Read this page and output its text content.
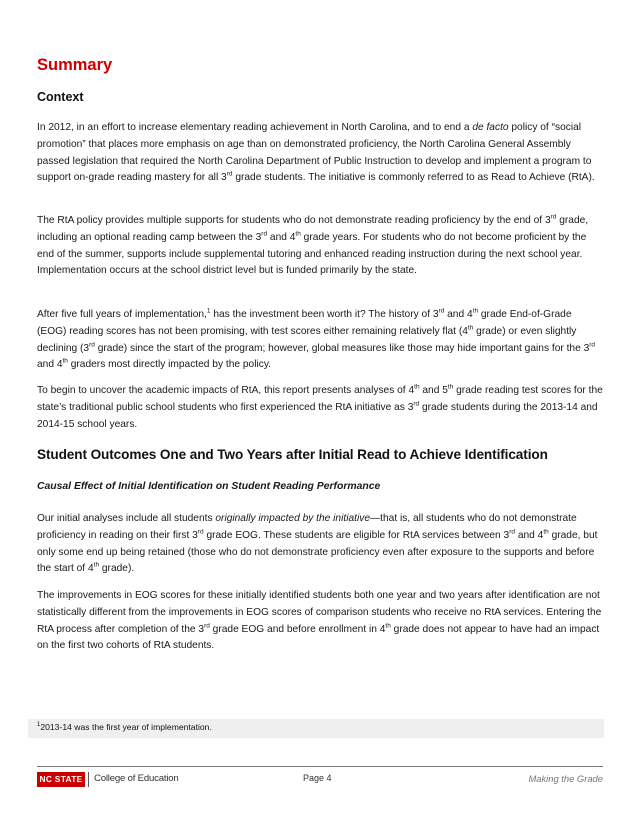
Summary
Context

In 2012, in an effort to increase elementary reading achievement in North Carolina, and to end a de facto policy of “social promotion” that places more emphasis on age than on demonstrated proficiency, the North Carolina General Assembly passed legislation that required the North Carolina Department of Public Instruction to develop and implement a program to support on-grade reading mastery for all 3rd grade students. The initiative is commonly referred to as Read to Achieve (RtA).

The RtA policy provides multiple supports for students who do not demonstrate reading proficiency by the end of 3rd grade, including an optional reading camp between the 3rd and 4th grade years. For students who do not become proficient by the end of the summer, supports include supplemental tutoring and enhanced reading instruction during the next school year. Implementation occurs at the school district level but is funded primarily by the state.

After five full years of implementation,$^1$ has the investment been worth it? The history of 3rd and 4th grade End-of-Grade (EOG) reading scores has not been promising, with test scores either remaining relatively flat (4th grade) or even slightly declining (3rd grade) since the start of the program; however, global measures like those may hide important gains for the 3rd and 4th graders most directly impacted by the policy.

To begin to uncover the academic impacts of RtA, this report presents analyses of 4th and 5th grade reading test scores for the state’s traditional public school students who first experienced the RtA initiative as 3rd grade students during the 2013-14 and 2014-15 school years.

Student Outcomes One and Two Years after Initial Read to Achieve Identification
Causal Effect of Initial Identification on Student Reading Performance

Our initial analyses include all students originally impacted by the initiative—that is, all students who do not demonstrate proficiency in reading on their first 3rd grade EOG. These students are eligible for RtA services between 3rd and 4th grade, but only some end up being retained (those who do not demonstrate proficiency even after exposure to the supports and before the start of 4th grade).

The improvements in EOG scores for these initially identified students both one year and two years after identification are not statistically different from the improvements in EOG scores of comparison students who receive no RtA services. Entering the RtA process after completion of the 3rd grade EOG and before enrollment in 4th grade does not appear to have had an impact on the first two cohorts of RtA students.

$^1$2013-14 was the first year of implementation.

NC STATE College of Education	Page 4	Making the Grade
